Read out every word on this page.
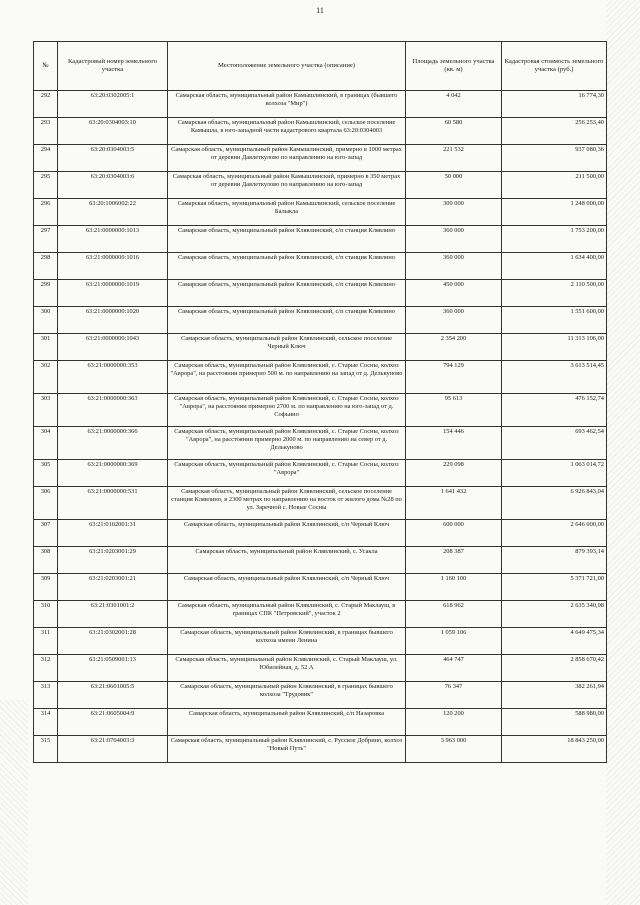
11
№	Кадастровый номер земельного участка	Местоположение земельного участка (описание)	Площадь земельного участка (кв. м)	Кадастровая стоимость земельного участка (руб.)
292	63:20:0302005:1	Самарская область, муниципальный район Камышлинский, в границах (бывшего колхоза "Мир")	4 042	16 774,30
293	63:20:0304003:10	Самарская область, муниципальный район Камышлинский, сельское поселение Камышла, в юго-западной части кадастрового квартала 63:20:0304003	60 580	256 253,40
294	63:20:0304003:5	Самарская область, муниципальный район Камышлинский, примерно в 1000 метрах от деревни Давлеткулово по направлению на юго-запад	221 532	937 080,36
295	63:20:0304003:6	Самарская область, муниципальный район Камышлинский, примерно в 350 метрах от деревни Давлеткулово по направлению на юго-запад	50 000	211 500,00
296	63:20:1006002:22	Самарская область, муниципальный район Камышлинский, сельское поселение Балыкла	300 000	1 248 000,00
297	63:21:0000000:1013	Самарская область, муниципальный район Клявлинский, с/п станция Клявлино	360 000	1 753 200,00
298	63:21:0000000:1016	Самарская область, муниципальный район Клявлинский, с/п станция Клявлино	360 000	1 634 400,00
299	63:21:0000000:1019	Самарская область, муниципальный район Клявлинский, с/п станция Клявлино	450 000	2 110 500,00
300	63:21:0000000:1020	Самарская область, муниципальный район Клявлинский, с/п станция Клявлино	360 000	1 551 600,00
301	63:21:0000000:1043	Самарская область, муниципальный район Клявлинский, сельское поселение Черный Ключ	2 354 200	11 313 106,00
302	63:21:0000000:353	Самарская область, муниципальный район Клявлинский, с. Старые Сосны, колхоз "Аврора", на расстоянии примерно 500 м. по направлению на запад от д. Делькуново	794 129	3 613 514,45
303	63:21:0000000:363	Самарская область, муниципальный район Клявлинский, с. Старые Сосны, колхоз "Аврора", на расстоянии примерно 2700 м. по направлению на юго-запад от д. Софьино	95 613	476 152,74
304	63:21:0000000:366	Самарская область, муниципальный район Клявлинский, с. Старые Сосны, колхоз "Аврора", на расстоянии примерно 2000 м. по направлению на север от д. Делькуново	154 446	693 462,54
305	63:21:0000000:369	Самарская область, муниципальный район Клявлинский, с. Старые Сосны, колхоз "Аврора"	229 098	1 063 014,72
306	63:21:0000000:531	Самарская область, муниципальный район Клявлинский, сельское поселение станция Клявлино, в 2300 метрах по направлению на восток от жилого дома №28 по ул. Заречной с. Новые Сосны	1 641 432	6 926 843,04
307	63:21:0102001:31	Самарская область, муниципальный район Клявлинский, с/п Черный Ключ	600 000	2 646 000,00
308	63:21:0203001:29	Самарская область, муниципальный район Клявлинский, с. Усакла	208 387	879 393,14
309	63:21:0203001:21	Самарская область, муниципальный район Клявлинский, с/п Черный Ключ	1 160 100	5 371 721,00
310	63:21:0301001:2	Самарская область, муниципальный район Клявлинский, с. Старый Маклауш, в границах СПК "Петровский", участок 2	618 962	2 635 340,98
311	63:21:0302001:28	Самарская область, муниципальный район Клявлинский, в границах бывшего колхоза имени Ленина	1 059 106	4 649 475,34
312	63:21:0509001:13	Самарская область, муниципальный район Клявлинский, с. Старый Маклауш, ул. Юбилейная, д. 52 А	464 747	2 858 670,42
313	63:21:0601005:5	Самарская область, муниципальный район Клявлинский, в границах бывшего колхоза "Трудовик"	76 347	382 261,94
314	63:21:0605004:9	Самарская область, муниципальный район Клявлинский, с/п Назаровка	120 200	588 980,00
315	63:21:0704003:3	Самарская область, муниципальный район Клявлинский, с. Русское Добрино, колхоз "Новый Путь"	3 963 000	18 843 250,00
